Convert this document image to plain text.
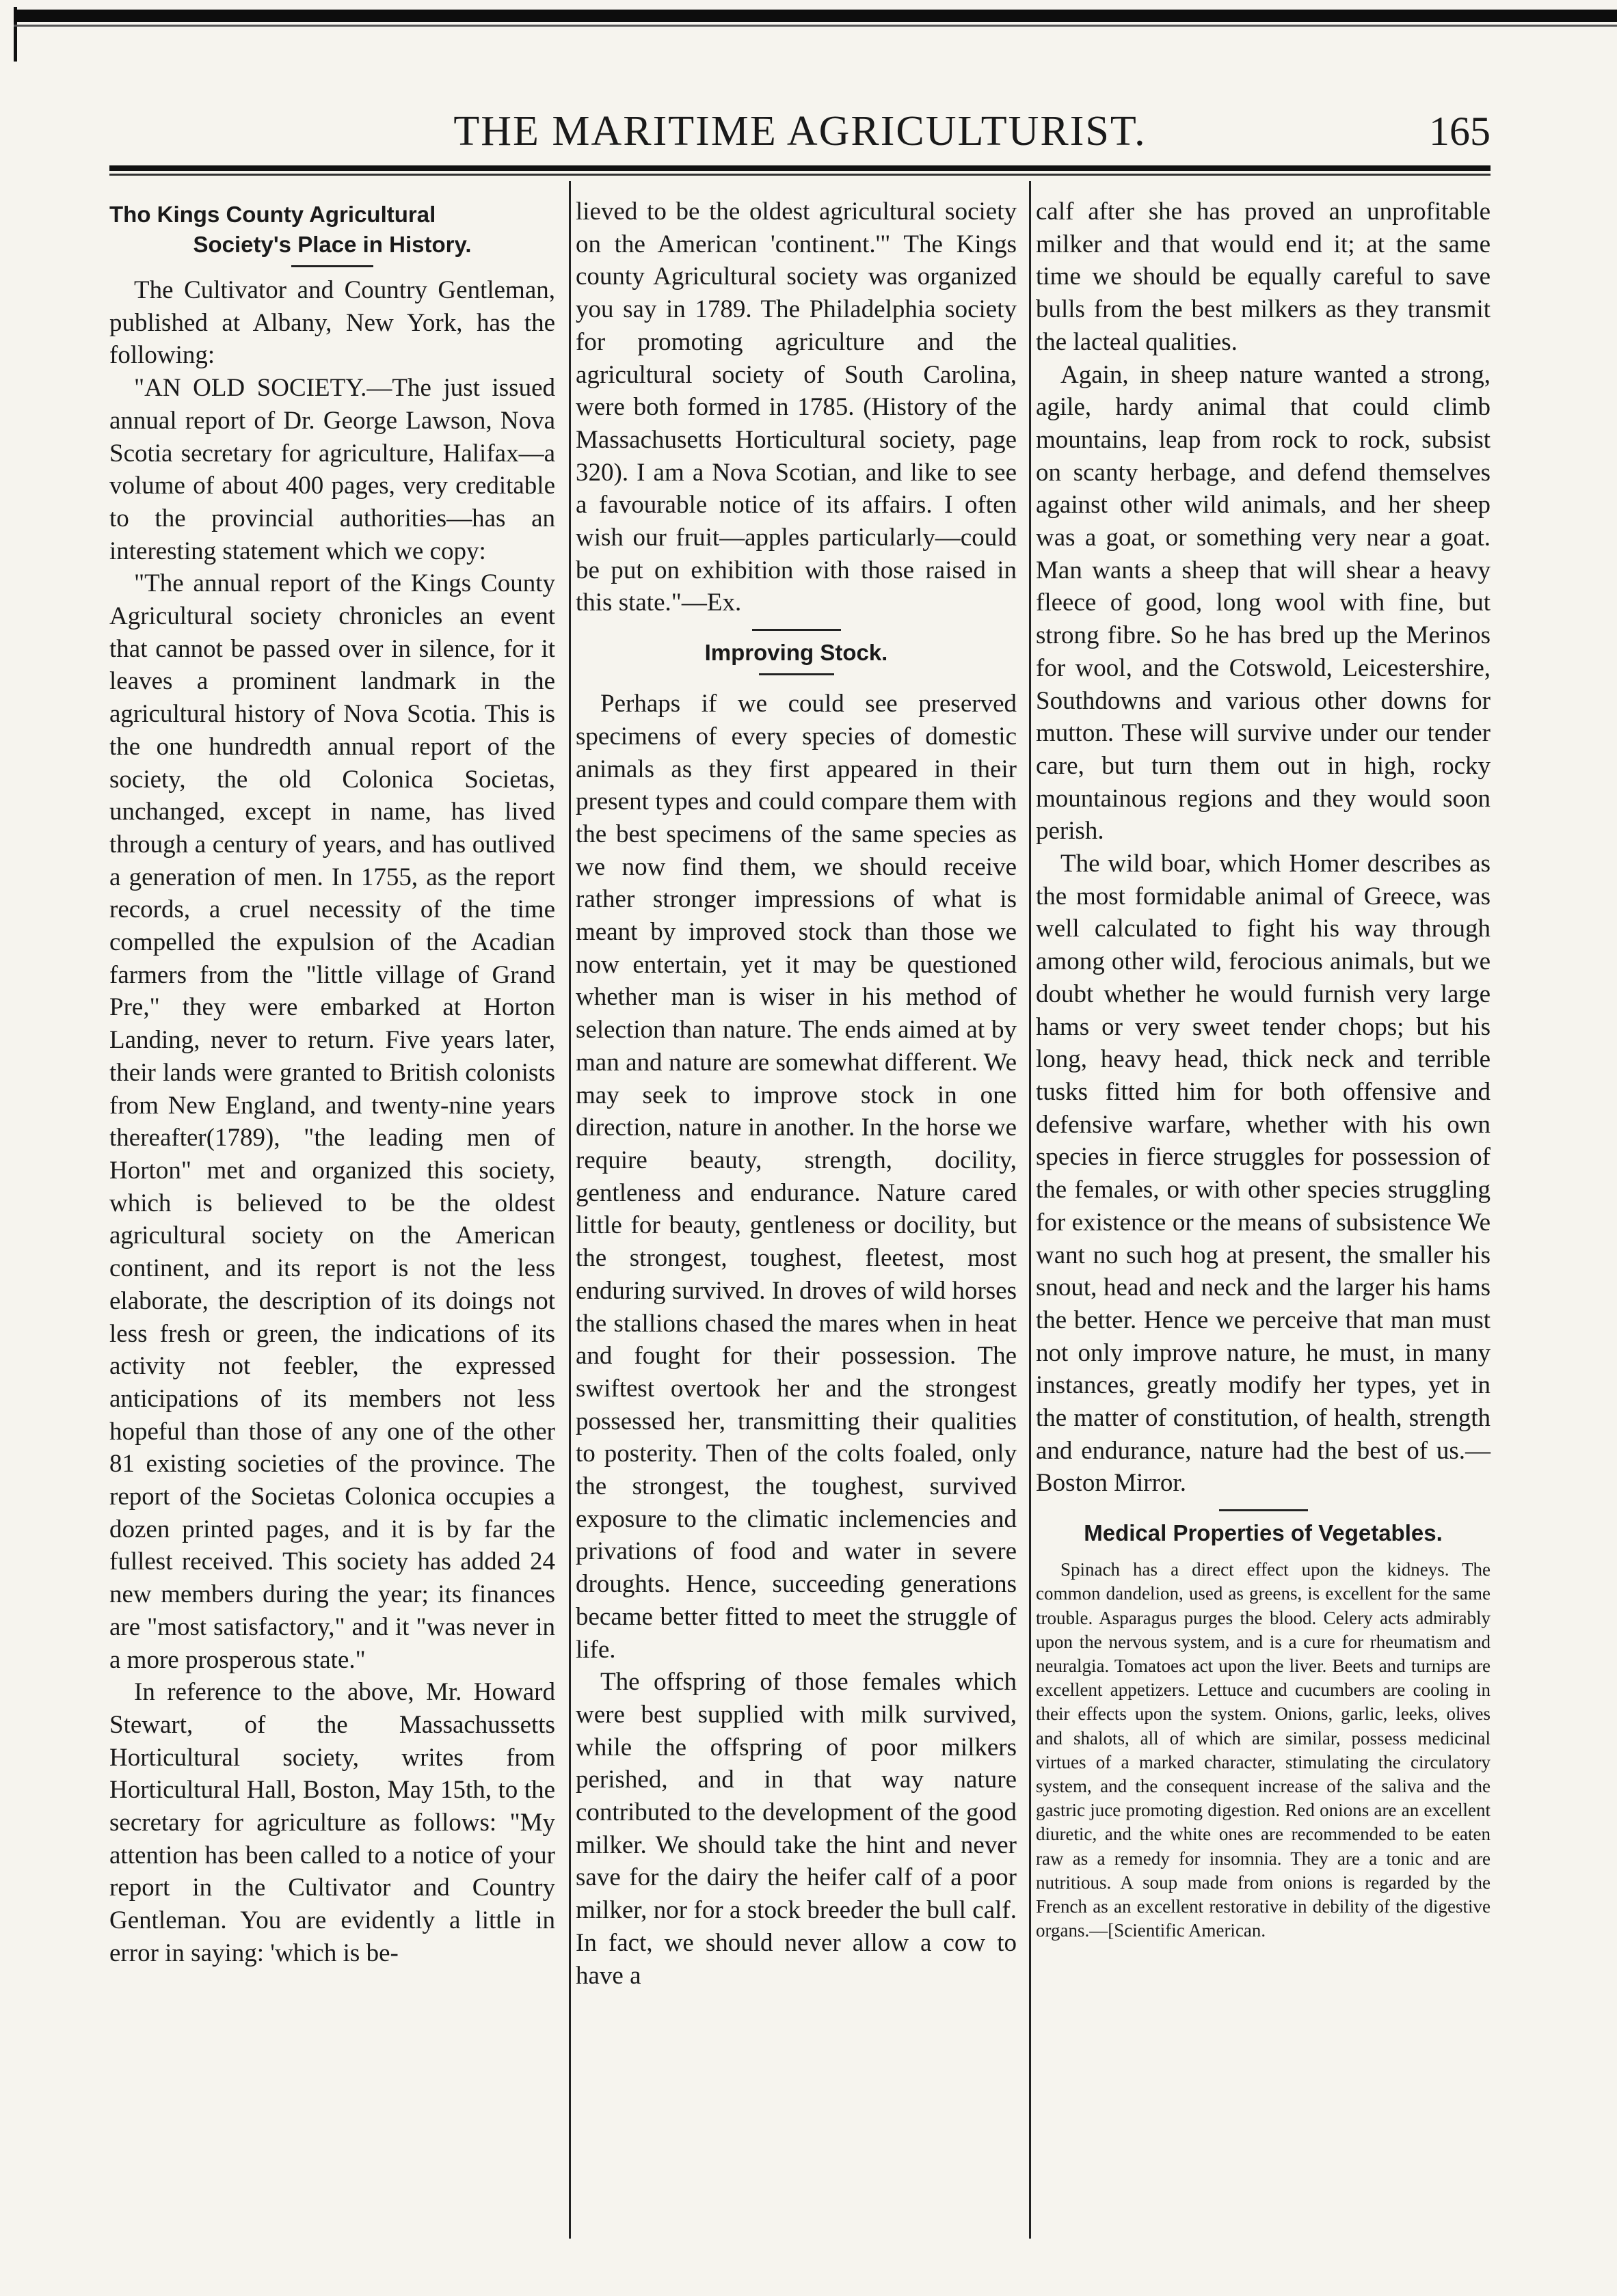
THE MARITIME AGRICULTURIST.	165
Tho Kings County Agricultural
Society's Place in History.

The Cultivator and Country Gentleman, published at Albany, New York, has the following:

"AN OLD SOCIETY.—The just issued annual report of Dr. George Lawson, Nova Scotia secretary for agriculture, Halifax—a volume of about 400 pages, very creditable to the provincial authorities—has an interesting statement which we copy:

"The annual report of the Kings County Agricultural society chronicles an event that cannot be passed over in silence, for it leaves a prominent landmark in the agricultural history of Nova Scotia. This is the one hundredth annual report of the society, the old Colonica Societas, unchanged, except in name, has lived through a century of years, and has outlived a generation of men. In 1755, as the report records, a cruel necessity of the time compelled the expulsion of the Acadian farmers from the "little village of Grand Pre," they were embarked at Horton Landing, never to return. Five years later, their lands were granted to British colonists from New England, and twenty-nine years thereafter(1789), "the leading men of Horton" met and organized this society, which is believed to be the oldest agricultural society on the American continent, and its report is not the less elaborate, the description of its doings not less fresh or green, the indications of its activity not feebler, the expressed anticipations of its members not less hopeful than those of any one of the other 81 existing societies of the province. The report of the Societas Colonica occupies a dozen printed pages, and it is by far the fullest received. This society has added 24 new members during the year; its finances are "most satisfactory," and it "was never in a more prosperous state."

In reference to the above, Mr. Howard Stewart, of the Massachussetts Horticultural society, writes from Horticultural Hall, Boston, May 15th, to the secretary for agriculture as follows: "My attention has been called to a notice of your report in the Cultivator and Country Gentleman. You are evidently a little in error in saying: 'which is be-

lieved to be the oldest agricultural society on the American 'continent.'" The Kings county Agricultural society was organized you say in 1789. The Philadelphia society for promoting agriculture and the agricultural society of South Carolina, were both formed in 1785. (History of the Massachusetts Horticultural society, page 320). I am a Nova Scotian, and like to see a favourable notice of its affairs. I often wish our fruit—apples particularly—could be put on exhibition with those raised in this state."—Ex.

Improving Stock.

Perhaps if we could see preserved specimens of every species of domestic animals as they first appeared in their present types and could compare them with the best specimens of the same species as we now find them, we should receive rather stronger impressions of what is meant by improved stock than those we now entertain, yet it may be questioned whether man is wiser in his method of selection than nature. The ends aimed at by man and nature are somewhat different. We may seek to improve stock in one direction, nature in another. In the horse we require beauty, strength, docility, gentleness and endurance. Nature cared little for beauty, gentleness or docility, but the strongest, toughest, fleetest, most enduring survived. In droves of wild horses the stallions chased the mares when in heat and fought for their possession. The swiftest overtook her and the strongest possessed her, transmitting their qualities to posterity. Then of the colts foaled, only the strongest, the toughest, survived exposure to the climatic inclemencies and privations of food and water in severe droughts. Hence, succeeding generations became better fitted to meet the struggle of life.

The offspring of those females which were best supplied with milk survived, while the offspring of poor milkers perished, and in that way nature contributed to the development of the good milker. We should take the hint and never save for the dairy the heifer calf of a poor milker, nor for a stock breeder the bull calf. In fact, we should never allow a cow to have a

calf after she has proved an unprofitable milker and that would end it; at the same time we should be equally careful to save bulls from the best milkers as they transmit the lacteal qualities.

Again, in sheep nature wanted a strong, agile, hardy animal that could climb mountains, leap from rock to rock, subsist on scanty herbage, and defend themselves against other wild animals, and her sheep was a goat, or something very near a goat. Man wants a sheep that will shear a heavy fleece of good, long wool with fine, but strong fibre. So he has bred up the Merinos for wool, and the Cotswold, Leicestershire, Southdowns and various other downs for mutton. These will survive under our tender care, but turn them out in high, rocky mountainous regions and they would soon perish.

The wild boar, which Homer describes as the most formidable animal of Greece, was well calculated to fight his way through among other wild, ferocious animals, but we doubt whether he would furnish very large hams or very sweet tender chops; but his long, heavy head, thick neck and terrible tusks fitted him for both offensive and defensive warfare, whether with his own species in fierce struggles for possession of the females, or with other species struggling for existence or the means of subsistence We want no such hog at present, the smaller his snout, head and neck and the larger his hams the better. Hence we perceive that man must not only improve nature, he must, in many instances, greatly modify her types, yet in the matter of constitution, of health, strength and endurance, nature had the best of us.—Boston Mirror.

Medical Properties of Vegetables.

Spinach has a direct effect upon the kidneys. The common dandelion, used as greens, is excellent for the same trouble. Asparagus purges the blood. Celery acts admirably upon the nervous system, and is a cure for rheumatism and neuralgia. Tomatoes act upon the liver. Beets and turnips are excellent appetizers. Lettuce and cucumbers are cooling in their effects upon the system. Onions, garlic, leeks, olives and shalots, all of which are similar, possess medicinal virtues of a marked character, stimulating the circulatory system, and the consequent increase of the saliva and the gastric juce promoting digestion. Red onions are an excellent diuretic, and the white ones are recommended to be eaten raw as a remedy for insomnia. They are a tonic and are nutritious. A soup made from onions is regarded by the French as an excellent restorative in debility of the digestive organs.—[Scientific American.
